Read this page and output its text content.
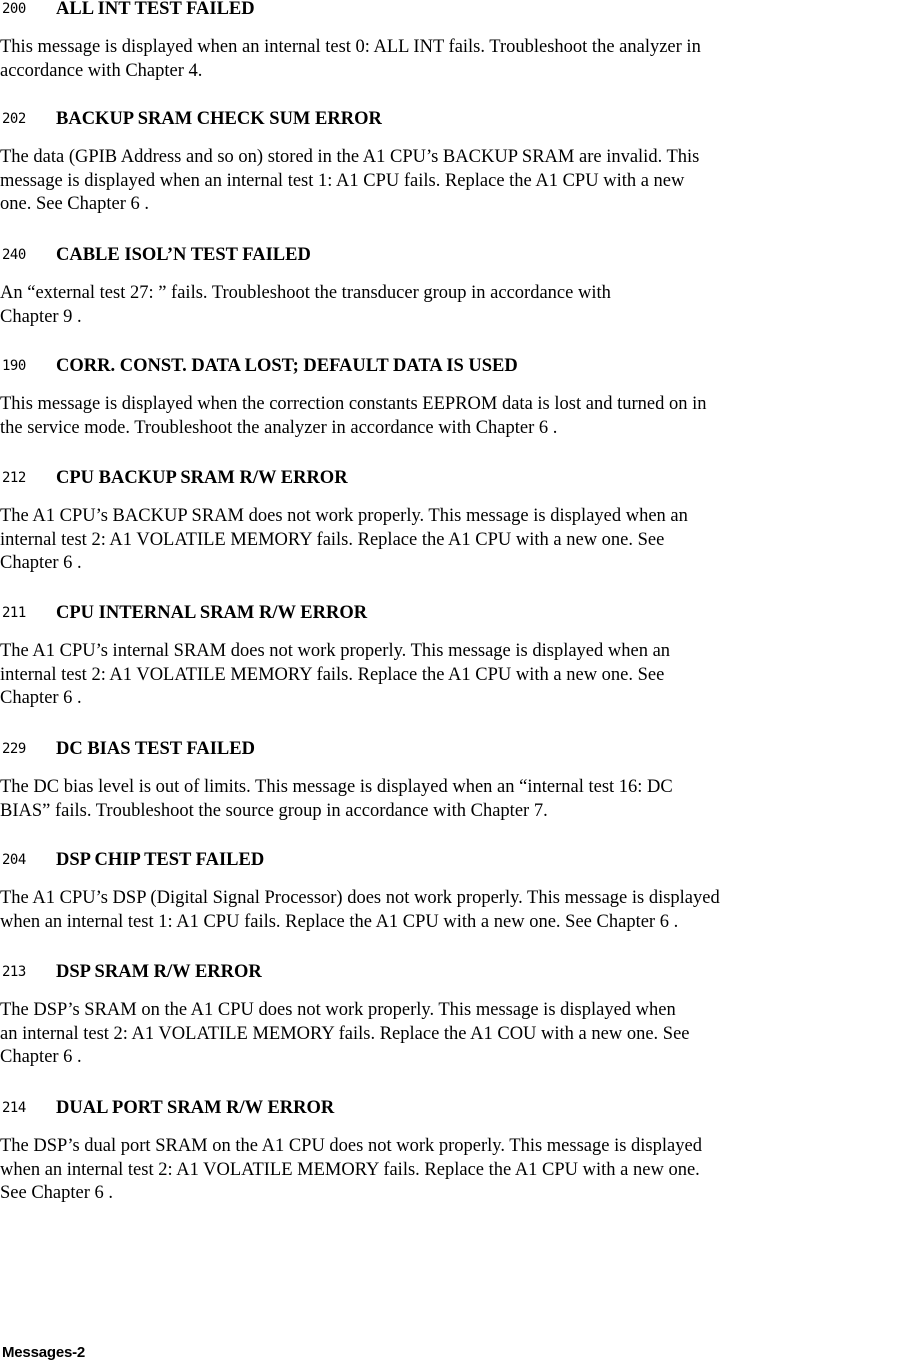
200 ALL INT TEST FAILED

This message is displayed when an internal test 0: ALL INT fails. Troubleshoot the analyzer in
accordance with Chapter 4.

202 BACKUP SRAM CHECK SUM ERROR

The data (GPIB Address and so on) stored in the A1 CPU’s BACKUP SRAM are invalid. This
message is displayed when an internal test 1: A1 CPU fails. Replace the A1 CPU with a new
one. See Chapter 6 .

240 CABLE ISOL’N TEST FAILED

An “external test 27: ” fails. Troubleshoot the transducer group in accordance with
Chapter 9 .

190 CORR. CONST. DATA LOST; DEFAULT DATA IS USED

This message is displayed when the correction constants EEPROM data is lost and turned on in
the service mode. Troubleshoot the analyzer in accordance with Chapter 6 .

212 CPU BACKUP SRAM R/W ERROR

The A1 CPU’s BACKUP SRAM does not work properly. This message is displayed when an
internal test 2: A1 VOLATILE MEMORY fails. Replace the A1 CPU with a new one. See
Chapter 6 .

211 CPU INTERNAL SRAM R/W ERROR

The A1 CPU’s internal SRAM does not work properly. This message is displayed when an
internal test 2: A1 VOLATILE MEMORY fails. Replace the A1 CPU with a new one. See
Chapter 6 .

229 DC BIAS TEST FAILED

The DC bias level is out of limits. This message is displayed when an “internal test 16: DC
BIAS” fails. Troubleshoot the source group in accordance with Chapter 7.

204 DSP CHIP TEST FAILED

The A1 CPU’s DSP (Digital Signal Processor) does not work properly. This message is displayed
when an internal test 1: A1 CPU fails. Replace the A1 CPU with a new one. See Chapter 6 .

213 DSP SRAM R/W ERROR

The DSP’s SRAM on the A1 CPU does not work properly. This message is displayed when
an internal test 2: A1 VOLATILE MEMORY fails. Replace the A1 COU with a new one. See
Chapter 6 .

214 DUAL PORT SRAM R/W ERROR

The DSP’s dual port SRAM on the A1 CPU does not work properly. This message is displayed
when an internal test 2: A1 VOLATILE MEMORY fails. Replace the A1 CPU with a new one.
See Chapter 6 .

Messages-2
